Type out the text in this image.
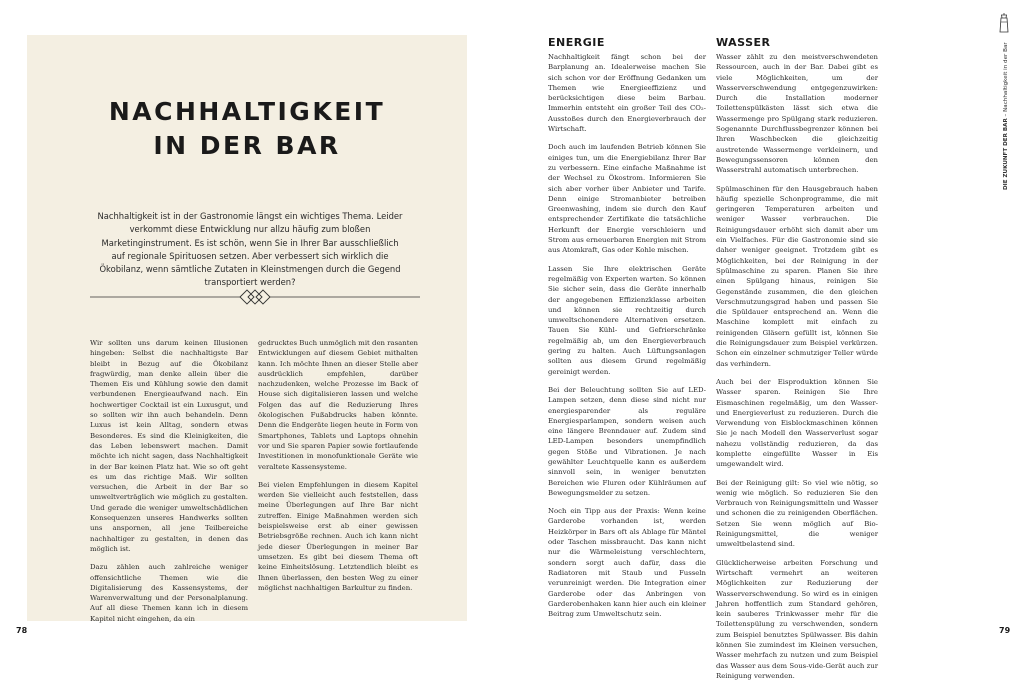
NACHHALTIGKEIT
IN DER BAR
Nachhaltigkeit ist in der Gastronomie längst ein wichtiges Thema. Leider verkommt diese Entwicklung nur allzu häufig zum bloßen Marketinginstrument. Es ist schön, wenn Sie in Ihrer Bar ausschließlich auf regionale Spirituosen setzen. Aber verbessert sich wirklich die Ökobilanz, wenn sämtliche Zutaten in Kleinstmengen durch die Gegend transportiert werden?

Wir sollten uns darum keinen Illusionen hingeben: Selbst die nachhaltigste Bar bleibt in Bezug auf die Ökobilanz fragwürdig, man denke allein über die Themen Eis und Kühlung sowie den damit verbundenen Energieaufwand nach. Ein hochwertiger Cocktail ist ein Luxusgut, und so sollten wir ihn auch behandeln. Denn Luxus ist kein Alltag, sondern etwas Besonderes. Es sind die Kleinigkeiten, die das Leben lebenswert machen. Damit möchte ich nicht sagen, dass Nachhaltigkeit in der Bar keinen Platz hat. Wie so oft geht es um das richtige Maß. Wir sollten versuchen, die Arbeit in der Bar so umweltverträglich wie möglich zu gestalten. Und gerade die weniger umweltschädlichen Konsequenzen unseres Handwerks sollten uns anspornen, all jene Teilbereiche nachhaltiger zu gestalten, in denen das möglich ist.

Dazu zählen auch zahlreiche weniger offensichtliche Themen wie die Digitalisierung des Kassensystems, der Warenverwaltung und der Personalplanung. Auf all diese Themen kann ich in diesem Kapitel nicht eingehen, da ein

gedrucktes Buch unmöglich mit den rasanten Entwicklungen auf diesem Gebiet mithalten kann. Ich möchte Ihnen an dieser Stelle aber ausdrücklich empfehlen, darüber nachzudenken, welche Prozesse im Back of House sich digitalisieren lassen und welche Folgen das auf die Reduzierung Ihres ökologischen Fußabdrucks haben könnte. Denn die Endgeräte liegen heute in Form von Smartphones, Tablets und Laptops ohnehin vor und Sie sparen Papier sowie fortlaufende Investitionen in monofunktionale Geräte wie veraltete Kassensysteme.

Bei vielen Empfehlungen in diesem Kapitel werden Sie vielleicht auch feststellen, dass meine Überlegungen auf Ihre Bar nicht zutreffen. Einige Maßnahmen werden sich beispielsweise erst ab einer gewissen Betriebsgröße rechnen. Auch ich kann nicht jede dieser Überlegungen in meiner Bar umsetzen. Es gibt bei diesem Thema oft keine Einheitslösung. Letztendlich bleibt es Ihnen überlassen, den besten Weg zu einer möglichst nachhaltigen Barkultur zu finden.

78
ENERGIE	WASSER

Nachhaltigkeit fängt schon bei der Barplanung an. Idealerweise machen Sie sich schon vor der Eröffnung Gedanken um Themen wie Energieeffizienz und berücksichtigen diese beim Barbau. Immerhin entsteht ein großer Teil des CO₂-Ausstoßes durch den Energieverbrauch der Wirtschaft.

Doch auch im laufenden Betrieb können Sie einiges tun, um die Energiebilanz Ihrer Bar zu verbessern. Eine einfache Maßnahme ist der Wechsel zu Ökostrom. Informieren Sie sich aber vorher über Anbieter und Tarife. Denn einige Stromanbieter betreiben Greenwashing, indem sie durch den Kauf entsprechender Zertifikate die tatsächliche Herkunft der Energie verschleiern und Strom aus erneuerbaren Energien mit Strom aus Atomkraft, Gas oder Kohle mischen.

Lassen Sie Ihre elektrischen Geräte regelmäßig von Experten warten. So können Sie sicher sein, dass die Geräte innerhalb der angegebenen Effizienzklasse arbeiten und können sie rechtzeitig durch umweltschonendere Alternativen ersetzen. Tauen Sie Kühl- und Gefrierschränke regelmäßig ab, um den Energieverbrauch gering zu halten. Auch Lüftungsanlagen sollten aus diesem Grund regelmäßig gereinigt werden.

Bei der Beleuchtung sollten Sie auf LED-Lampen setzen, denn diese sind nicht nur energiesparender als reguläre Energiesparlampen, sondern weisen auch eine längere Brenndauer auf. Zudem sind LED-Lampen besonders unempfindlich gegen Stöße und Vibrationen. Je nach gewählter Leuchtquelle kann es außerdem sinnvoll sein, in weniger benutzten Bereichen wie Fluren oder Kühlräumen auf Bewegungsmelder zu setzen.

Noch ein Tipp aus der Praxis: Wenn keine Garderobe vorhanden ist, werden Heizkörper in Bars oft als Ablage für Mäntel oder Taschen missbraucht. Das kann nicht nur die Wärmeleistung verschlechtern, sondern sorgt auch dafür, dass die Radiatoren mit Staub und Fusseln verunreinigt werden. Die Integration einer Garderobe oder das Anbringen von Garderobenhaken kann hier auch ein kleiner Beitrag zum Umweltschutz sein.

Wasser zählt zu den meistverschwendeten Ressourcen, auch in der Bar. Dabei gibt es viele Möglichkeiten, um der Wasserverschwendung entgegenzuwirken: Durch die Installation moderner Toilettenspülkästen lässt sich etwa die Wassermenge pro Spülgang stark reduzieren. Sogenannte Durchflussbegrenzer können bei Ihren Waschbecken die gleichzeitig austretende Wassermenge verkleinern, und Bewegungssensoren können den Wasserstrahl automatisch unterbrechen.

Spülmaschinen für den Hausgebrauch haben häufig spezielle Schonprogramme, die mit geringeren Temperaturen arbeiten und weniger Wasser verbrauchen. Die Reinigungsdauer erhöht sich damit aber um ein Vielfaches. Für die Gastronomie sind sie daher weniger geeignet. Trotzdem gibt es Möglichkeiten, bei der Reinigung in der Spülmaschine zu sparen. Planen Sie ihre einen Spülgang hinaus, reinigen Sie Gegenstände zusammen, die den gleichen Verschmutzungsgrad haben und passen Sie die Spüldauer entsprechend an. Wenn die Maschine komplett mit einfach zu reinigenden Gläsern gefüllt ist, können Sie die Reinigungsdauer zum Beispiel verkürzen. Schon ein einzelner schmutziger Teller würde das verhindern.

Auch bei der Eisproduktion können Sie Wasser sparen. Reinigen Sie Ihre Eismaschinen regelmäßig, um den Wasser- und Energieverlust zu reduzieren. Durch die Verwendung von Eisblockmaschinen können Sie je nach Modell den Wasserverlust sogar nahezu vollständig reduzieren, da das komplette eingefüllte Wasser in Eis umgewandelt wird.

Bei der Reinigung gilt: So viel wie nötig, so wenig wie möglich. So reduzieren Sie den Verbrauch von Reinigungsmitteln und Wasser und schonen die zu reinigenden Oberflächen. Setzen Sie wenn möglich auf Bio-Reinigungsmittel, die weniger umweltbelastend sind.

Glücklicherweise arbeiten Forschung und Wirtschaft vermehrt an weiteren Möglichkeiten zur Reduzierung der Wasserverschwendung. So wird es in einigen Jahren hoffentlich zum Standard gehören, kein sauberes Trinkwasser mehr für die Toilettenspülung zu verschwenden, sondern zum Beispiel benutztes Spülwasser. Bis dahin können Sie zumindest im Kleinen versuchen, Wasser mehrfach zu nutzen und zum Beispiel das Wasser aus dem Sous-vide-Gerät auch zur Reinigung verwenden.

DIE ZUKUNFT DER BAR – Nachhaltigkeit in der Bar
79
